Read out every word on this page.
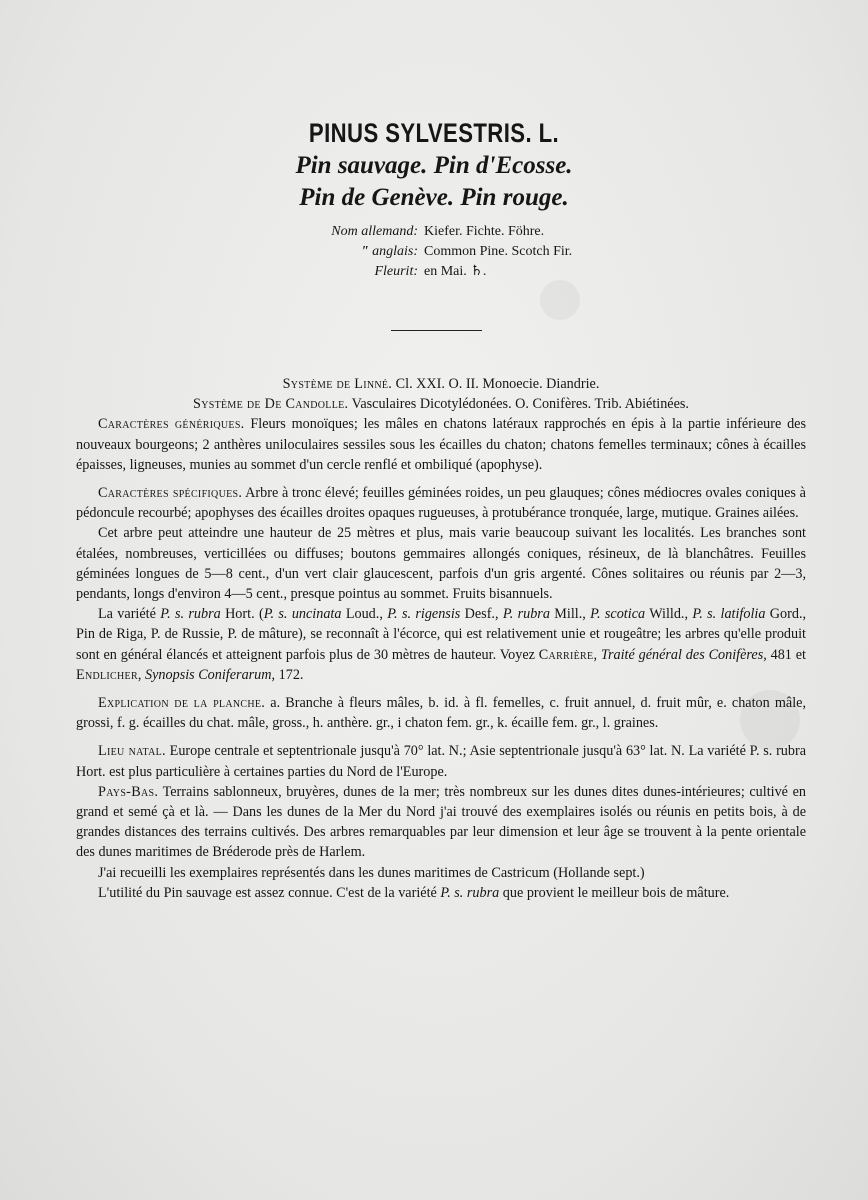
PINUS SYLVESTRIS. L.
Pin sauvage. Pin d'Ecosse.
Pin de Genève. Pin rouge.
Nom allemand: Kiefer. Fichte. Föhre.
" anglais: Common Pine. Scotch Fir.
Fleurit: en Mai. ♄.

Système de Linné. Cl. XXI. O. II. Monoecie. Diandrie.

Système de De Candolle. Vasculaires Dicotylédonées. O. Conifères. Trib. Abiétinées.

Caractères génériques. Fleurs monoïques; les mâles en chatons latéraux rapprochés en épis à la partie inférieure des nouveaux bourgeons; 2 anthères uniloculaires sessiles sous les écailles du chaton; chatons femelles terminaux; cônes à écailles épaisses, ligneuses, munies au sommet d'un cercle renflé et ombiliqué (apophyse).

Caractères spécifiques. Arbre à tronc élevé; feuilles géminées roides, un peu glauques; cônes médiocres ovales coniques à pédoncule recourbé; apophyses des écailles droites opaques rugueuses, à protubérance tronquée, large, mutique. Graines ailées.

Cet arbre peut atteindre une hauteur de 25 mètres et plus, mais varie beaucoup suivant les localités. Les branches sont étalées, nombreuses, verticillées ou diffuses; boutons gemmaires allongés coniques, résineux, de là blanchâtres. Feuilles géminées longues de 5—8 cent., d'un vert clair glaucescent, parfois d'un gris argenté. Cônes solitaires ou réunis par 2—3, pendants, longs d'environ 4—5 cent., presque pointus au sommet. Fruits bisannuels.

La variété P. s. rubra Hort. (P. s. uncinata Loud., P. s. rigensis Desf., P. rubra Mill., P. scotica Willd., P. s. latifolia Gord., Pin de Riga, P. de Russie, P. de mâture), se reconnaît à l'écorce, qui est relativement unie et rougeâtre; les arbres qu'elle produit sont en général élancés et atteignent parfois plus de 30 mètres de hauteur. Voyez Carrière, Traité général des Conifères, 481 et Endlicher, Synopsis Coniferarum, 172.

Explication de la planche. a. Branche à fleurs mâles, b. id. à fl. femelles, c. fruit annuel, d. fruit mûr, e. chaton mâle, grossi, f. g. écailles du chat. mâle, gross., h. anthère. gr., i chaton fem. gr., k. écaille fem. gr., l. graines.

Lieu natal. Europe centrale et septentrionale jusqu'à 70° lat. N.; Asie septentrionale jusqu'à 63° lat. N. La variété P. s. rubra Hort. est plus particulière à certaines parties du Nord de l'Europe.

Pays-Bas. Terrains sablonneux, bruyères, dunes de la mer; très nombreux sur les dunes dites dunes-intérieures; cultivé en grand et semé çà et là. — Dans les dunes de la Mer du Nord j'ai trouvé des exemplaires isolés ou réunis en petits bois, à de grandes distances des terrains cultivés. Des arbres remarquables par leur dimension et leur âge se trouvent à la pente orientale des dunes maritimes de Bréderode près de Harlem.

J'ai recueilli les exemplaires représentés dans les dunes maritimes de Castricum (Hollande sept.)

L'utilité du Pin sauvage est assez connue. C'est de la variété P. s. rubra que provient le meilleur bois de mâture.
